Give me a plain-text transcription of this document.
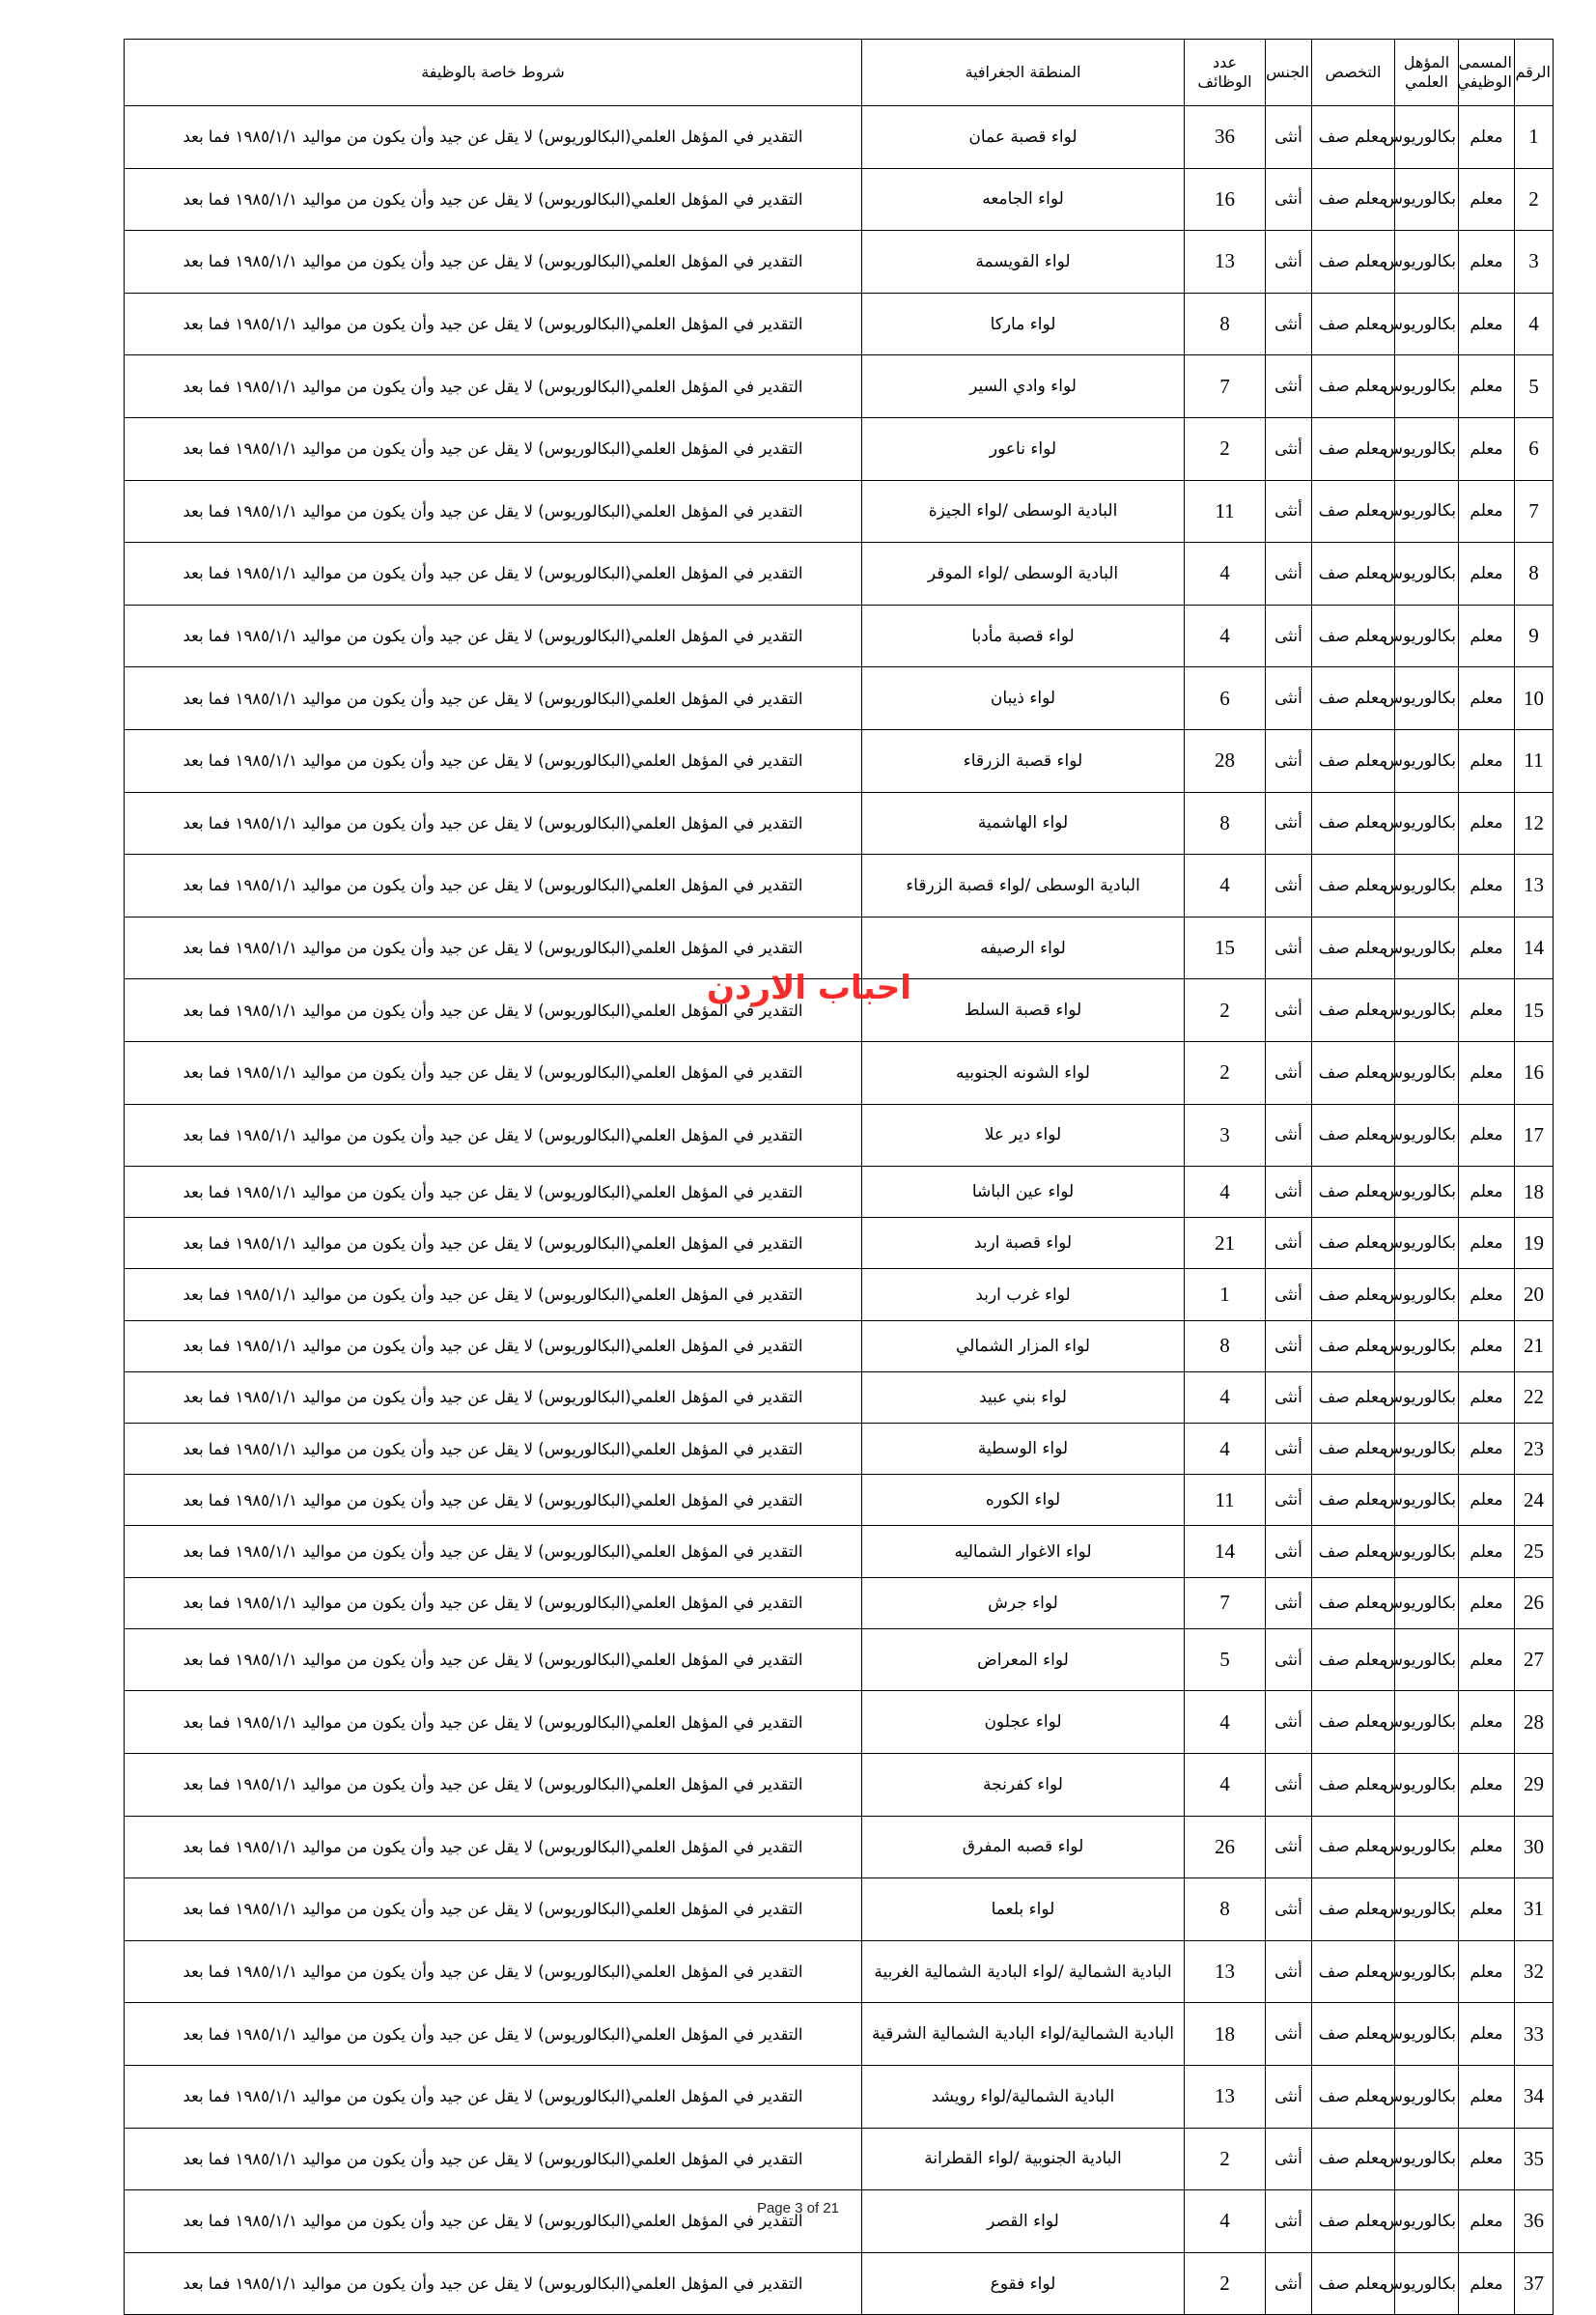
الرقم	المسمى الوظيفي	المؤهل العلمي	التخصص	الجنس	عدد الوظائف	المنطقة الجغرافية	شروط خاصة بالوظيفة
1	معلم	بكالوريوس	معلم صف	أنثى	36	لواء قصبة عمان	التقدير في المؤهل العلمي(البكالوريوس) لا يقل عن جيد وأن يكون من مواليد ١٩٨٥/١/١ فما بعد
2	معلم	بكالوريوس	معلم صف	أنثى	16	لواء الجامعه	التقدير في المؤهل العلمي(البكالوريوس) لا يقل عن جيد وأن يكون من مواليد ١٩٨٥/١/١ فما بعد
3	معلم	بكالوريوس	معلم صف	أنثى	13	لواء القويسمة	التقدير في المؤهل العلمي(البكالوريوس) لا يقل عن جيد وأن يكون من مواليد ١٩٨٥/١/١ فما بعد
4	معلم	بكالوريوس	معلم صف	أنثى	8	لواء ماركا	التقدير في المؤهل العلمي(البكالوريوس) لا يقل عن جيد وأن يكون من مواليد ١٩٨٥/١/١ فما بعد
5	معلم	بكالوريوس	معلم صف	أنثى	7	لواء وادي السير	التقدير في المؤهل العلمي(البكالوريوس) لا يقل عن جيد وأن يكون من مواليد ١٩٨٥/١/١ فما بعد
6	معلم	بكالوريوس	معلم صف	أنثى	2	لواء ناعور	التقدير في المؤهل العلمي(البكالوريوس) لا يقل عن جيد وأن يكون من مواليد ١٩٨٥/١/١ فما بعد
7	معلم	بكالوريوس	معلم صف	أنثى	11	البادية الوسطى /لواء الجيزة	التقدير في المؤهل العلمي(البكالوريوس) لا يقل عن جيد وأن يكون من مواليد ١٩٨٥/١/١ فما بعد
8	معلم	بكالوريوس	معلم صف	أنثى	4	البادية الوسطى /لواء الموقر	التقدير في المؤهل العلمي(البكالوريوس) لا يقل عن جيد وأن يكون من مواليد ١٩٨٥/١/١ فما بعد
9	معلم	بكالوريوس	معلم صف	أنثى	4	لواء قصبة مأدبا	التقدير في المؤهل العلمي(البكالوريوس) لا يقل عن جيد وأن يكون من مواليد ١٩٨٥/١/١ فما بعد
10	معلم	بكالوريوس	معلم صف	أنثى	6	لواء ذيبان	التقدير في المؤهل العلمي(البكالوريوس) لا يقل عن جيد وأن يكون من مواليد ١٩٨٥/١/١ فما بعد
11	معلم	بكالوريوس	معلم صف	أنثى	28	لواء قصبة الزرقاء	التقدير في المؤهل العلمي(البكالوريوس) لا يقل عن جيد وأن يكون من مواليد ١٩٨٥/١/١ فما بعد
12	معلم	بكالوريوس	معلم صف	أنثى	8	لواء الهاشمية	التقدير في المؤهل العلمي(البكالوريوس) لا يقل عن جيد وأن يكون من مواليد ١٩٨٥/١/١ فما بعد
13	معلم	بكالوريوس	معلم صف	أنثى	4	البادية الوسطى /لواء قصبة الزرقاء	التقدير في المؤهل العلمي(البكالوريوس) لا يقل عن جيد وأن يكون من مواليد ١٩٨٥/١/١ فما بعد
14	معلم	بكالوريوس	معلم صف	أنثى	15	لواء الرصيفه	التقدير في المؤهل العلمي(البكالوريوس) لا يقل عن جيد وأن يكون من مواليد ١٩٨٥/١/١ فما بعد
15	معلم	بكالوريوس	معلم صف	أنثى	2	لواء قصبة السلط	التقدير في المؤهل العلمي(البكالوريوس) لا يقل عن جيد وأن يكون من مواليد ١٩٨٥/١/١ فما بعد
16	معلم	بكالوريوس	معلم صف	أنثى	2	لواء الشونه الجنوبيه	التقدير في المؤهل العلمي(البكالوريوس) لا يقل عن جيد وأن يكون من مواليد ١٩٨٥/١/١ فما بعد
17	معلم	بكالوريوس	معلم صف	أنثى	3	لواء دير علا	التقدير في المؤهل العلمي(البكالوريوس) لا يقل عن جيد وأن يكون من مواليد ١٩٨٥/١/١ فما بعد
18	معلم	بكالوريوس	معلم صف	أنثى	4	لواء عين الباشا	التقدير في المؤهل العلمي(البكالوريوس) لا يقل عن جيد وأن يكون من مواليد ١٩٨٥/١/١ فما بعد
19	معلم	بكالوريوس	معلم صف	أنثى	21	لواء قصبة اربد	التقدير في المؤهل العلمي(البكالوريوس) لا يقل عن جيد وأن يكون من مواليد ١٩٨٥/١/١ فما بعد
20	معلم	بكالوريوس	معلم صف	أنثى	1	لواء غرب اربد	التقدير في المؤهل العلمي(البكالوريوس) لا يقل عن جيد وأن يكون من مواليد ١٩٨٥/١/١ فما بعد
21	معلم	بكالوريوس	معلم صف	أنثى	8	لواء المزار الشمالي	التقدير في المؤهل العلمي(البكالوريوس) لا يقل عن جيد وأن يكون من مواليد ١٩٨٥/١/١ فما بعد
22	معلم	بكالوريوس	معلم صف	أنثى	4	لواء بني عبيد	التقدير في المؤهل العلمي(البكالوريوس) لا يقل عن جيد وأن يكون من مواليد ١٩٨٥/١/١ فما بعد
23	معلم	بكالوريوس	معلم صف	أنثى	4	لواء الوسطية	التقدير في المؤهل العلمي(البكالوريوس) لا يقل عن جيد وأن يكون من مواليد ١٩٨٥/١/١ فما بعد
24	معلم	بكالوريوس	معلم صف	أنثى	11	لواء الكوره	التقدير في المؤهل العلمي(البكالوريوس) لا يقل عن جيد وأن يكون من مواليد ١٩٨٥/١/١ فما بعد
25	معلم	بكالوريوس	معلم صف	أنثى	14	لواء الاغوار الشماليه	التقدير في المؤهل العلمي(البكالوريوس) لا يقل عن جيد وأن يكون من مواليد ١٩٨٥/١/١ فما بعد
26	معلم	بكالوريوس	معلم صف	أنثى	7	لواء جرش	التقدير في المؤهل العلمي(البكالوريوس) لا يقل عن جيد وأن يكون من مواليد ١٩٨٥/١/١ فما بعد
27	معلم	بكالوريوس	معلم صف	أنثى	5	لواء المعراض	التقدير في المؤهل العلمي(البكالوريوس) لا يقل عن جيد وأن يكون من مواليد ١٩٨٥/١/١ فما بعد
28	معلم	بكالوريوس	معلم صف	أنثى	4	لواء عجلون	التقدير في المؤهل العلمي(البكالوريوس) لا يقل عن جيد وأن يكون من مواليد ١٩٨٥/١/١ فما بعد
29	معلم	بكالوريوس	معلم صف	أنثى	4	لواء كفرنجة	التقدير في المؤهل العلمي(البكالوريوس) لا يقل عن جيد وأن يكون من مواليد ١٩٨٥/١/١ فما بعد
30	معلم	بكالوريوس	معلم صف	أنثى	26	لواء قصبه المفرق	التقدير في المؤهل العلمي(البكالوريوس) لا يقل عن جيد وأن يكون من مواليد ١٩٨٥/١/١ فما بعد
31	معلم	بكالوريوس	معلم صف	أنثى	8	لواء بلعما	التقدير في المؤهل العلمي(البكالوريوس) لا يقل عن جيد وأن يكون من مواليد ١٩٨٥/١/١ فما بعد
32	معلم	بكالوريوس	معلم صف	أنثى	13	البادية الشمالية /لواء البادية الشمالية الغربية	التقدير في المؤهل العلمي(البكالوريوس) لا يقل عن جيد وأن يكون من مواليد ١٩٨٥/١/١ فما بعد
33	معلم	بكالوريوس	معلم صف	أنثى	18	البادية الشمالية/لواء البادية الشمالية الشرقية	التقدير في المؤهل العلمي(البكالوريوس) لا يقل عن جيد وأن يكون من مواليد ١٩٨٥/١/١ فما بعد
34	معلم	بكالوريوس	معلم صف	أنثى	13	البادية الشمالية/لواء رويشد	التقدير في المؤهل العلمي(البكالوريوس) لا يقل عن جيد وأن يكون من مواليد ١٩٨٥/١/١ فما بعد
35	معلم	بكالوريوس	معلم صف	أنثى	2	البادية الجنوبية /لواء القطرانة	التقدير في المؤهل العلمي(البكالوريوس) لا يقل عن جيد وأن يكون من مواليد ١٩٨٥/١/١ فما بعد
36	معلم	بكالوريوس	معلم صف	أنثى	4	لواء القصر	التقدير في المؤهل العلمي(البكالوريوس) لا يقل عن جيد وأن يكون من مواليد ١٩٨٥/١/١ فما بعد
37	معلم	بكالوريوس	معلم صف	أنثى	2	لواء فقوع	التقدير في المؤهل العلمي(البكالوريوس) لا يقل عن جيد وأن يكون من مواليد ١٩٨٥/١/١ فما بعد
احباب الاردن
Page 3 of 21
